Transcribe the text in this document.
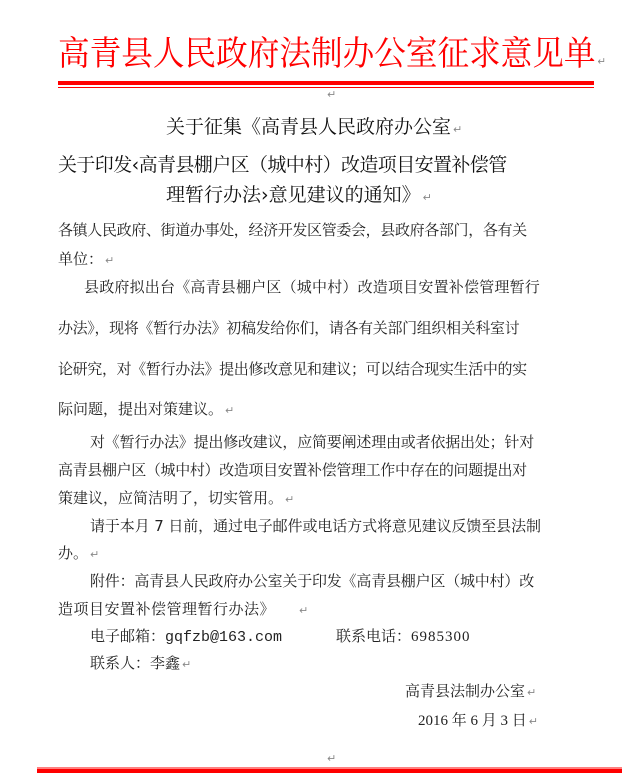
高青县人民政府法制办公室征求意见单 ↵
↵
关于征集《高青县人民政府办公室 ↵
关于印发‹高青县棚户区（城中村）改造项目安置补偿管
理暂行办法›意见建议的通知》 ↵
各镇人民政府、街道办事处，经济开发区管委会，县政府各部门，各有关
单位： ↵
县政府拟出台《高青县棚户区（城中村）改造项目安置补偿管理暂行
办法》，现将《暂行办法》初稿发给你们，请各有关部门组织相关科室讨
论研究，对《暂行办法》提出修改意见和建议；可以结合现实生活中的实
际问题，提出对策建议。 ↵
对《暂行办法》提出修改建议，应简要阐述理由或者依据出处；针对
高青县棚户区（城中村）改造项目安置补偿管理工作中存在的问题提出对
策建议，应简洁明了，切实管用。 ↵
请于本月 7 日前，通过电子邮件或电话方式将意见建议反馈至县法制
办。 ↵
附件：高青县人民政府办公室关于印发《高青县棚户区（城中村）改
造项目安置补偿管理暂行办法》 ↵
电子邮箱：gqfzb@163.com	联系电话：6985300
联系人：李鑫 ↵
高青县法制办公室 ↵
2016 年 6 月 3 日 ↵
↵
